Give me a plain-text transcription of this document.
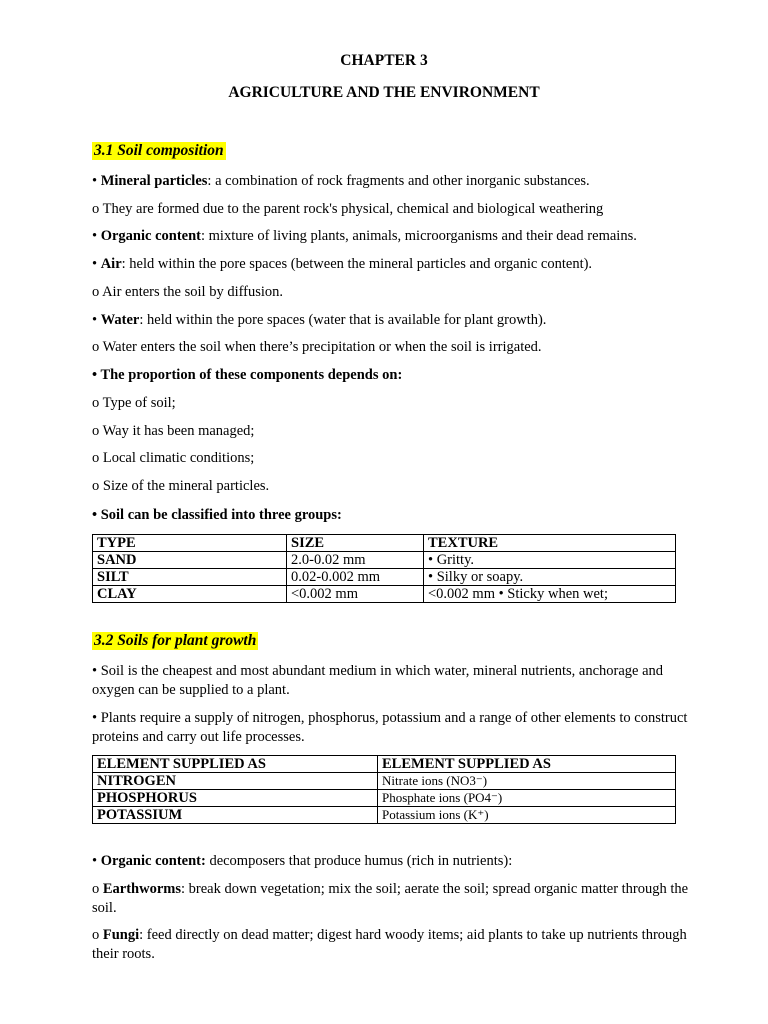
CHAPTER 3
AGRICULTURE AND THE ENVIRONMENT
3.1 Soil composition
• Mineral particles: a combination of rock fragments and other inorganic substances.
o They are formed due to the parent rock's physical, chemical and biological weathering
• Organic content: mixture of living plants, animals, microorganisms and their dead remains.
• Air: held within the pore spaces (between the mineral particles and organic content).
o Air enters the soil by diffusion.
• Water: held within the pore spaces (water that is available for plant growth).
o Water enters the soil when there’s precipitation or when the soil is irrigated.
• The proportion of these components depends on:
o Type of soil;
o Way it has been managed;
o Local climatic conditions;
o Size of the mineral particles.
• Soil can be classified into three groups:
TYPE	SIZE	TEXTURE
SAND	2.0-0.02 mm	• Gritty.
SILT	0.02-0.002 mm	• Silky or soapy.
CLAY	<0.002 mm	<0.002 mm • Sticky when wet;
3.2 Soils for plant growth
• Soil is the cheapest and most abundant medium in which water, mineral nutrients, anchorage and oxygen can be supplied to a plant.
• Plants require a supply of nitrogen, phosphorus, potassium and a range of other elements to construct proteins and carry out life processes.
ELEMENT SUPPLIED AS	ELEMENT SUPPLIED AS
NITROGEN	Nitrate ions (NO3⁻)
PHOSPHORUS	Phosphate ions (PO4⁻)
POTASSIUM	Potassium ions (K⁺)
• Organic content: decomposers that produce humus (rich in nutrients):
o Earthworms: break down vegetation; mix the soil; aerate the soil; spread organic matter through the soil.
o Fungi: feed directly on dead matter; digest hard woody items; aid plants to take up nutrients through their roots.
